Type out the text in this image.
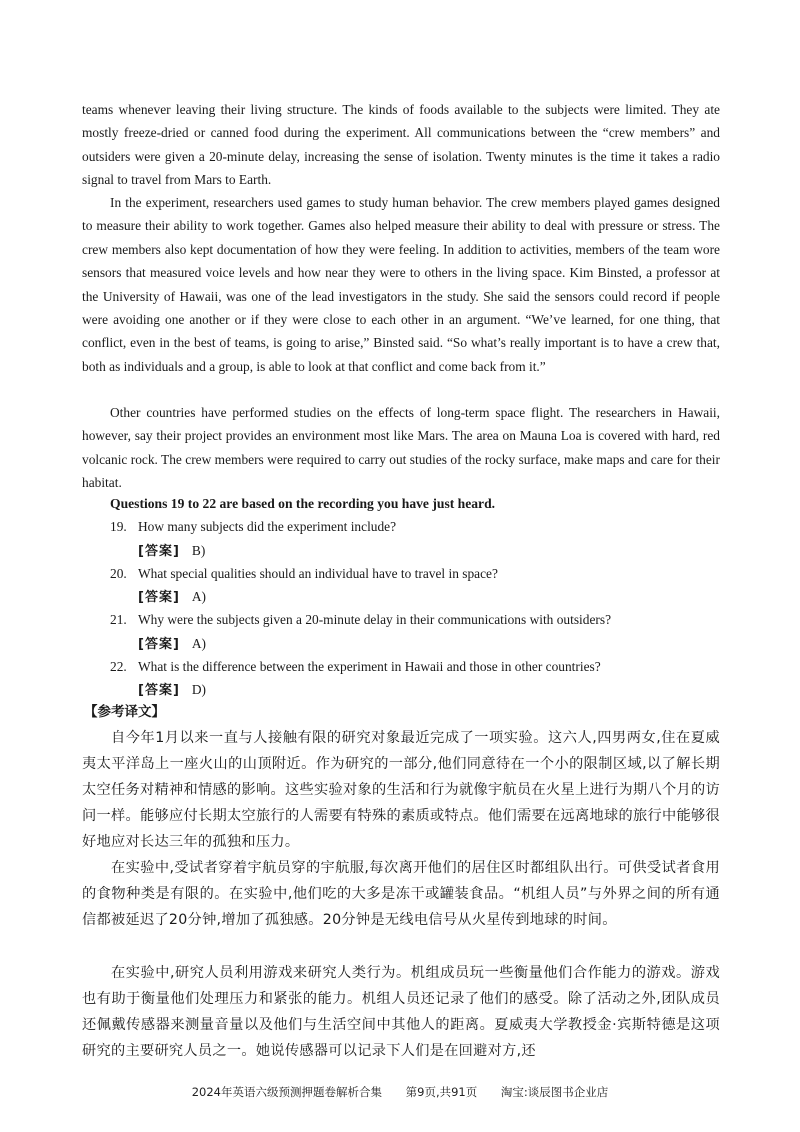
teams whenever leaving their living structure. The kinds of foods available to the subjects were limited. They ate mostly freeze-dried or canned food during the experiment. All communications between the “crew members” and outsiders were given a 20-minute delay, increasing the sense of isolation. Twenty minutes is the time it takes a radio signal to travel from Mars to Earth.

In the experiment, researchers used games to study human behavior. The crew members played games designed to measure their ability to work together. Games also helped measure their ability to deal with pressure or stress. The crew members also kept documentation of how they were feeling. In addition to activities, members of the team wore sensors that measured voice levels and how near they were to others in the living space. Kim Binsted, a professor at the University of Hawaii, was one of the lead investigators in the study. She said the sensors could record if people were avoiding one another or if they were close to each other in an argument. “We’ve learned, for one thing, that conflict, even in the best of teams, is going to arise,” Binsted said. “So what’s really important is to have a crew that, both as individuals and a group, is able to look at that conflict and come back from it.”

Other countries have performed studies on the effects of long-term space flight. The researchers in Hawaii, however, say their project provides an environment most like Mars. The area on Mauna Loa is covered with hard, red volcanic rock. The crew members were required to carry out studies of the rocky surface, make maps and care for their habitat.

Questions 19 to 22 are based on the recording you have just heard.

19. How many subjects did the experiment include?

[答案] B)

20. What special qualities should an individual have to travel in space?

[答案] A)

21. Why were the subjects given a 20-minute delay in their communications with outsiders?

[答案] A)

22. What is the difference between the experiment in Hawaii and those in other countries?

[答案] D)

【参考译文】

自今年1月以来一直与人接触有限的研究对象最近完成了一项实验。这六人,四男两女,住在夏威夷太平洋岛上一座火山的山顶附近。作为研究的一部分,他们同意待在一个小的限制区域,以了解长期太空任务对精神和情感的影响。这些实验对象的生活和行为就像宇航员在火星上进行为期八个月的访问一样。能够应付长期太空旅行的人需要有特殊的素质或特点。他们需要在远离地球的旅行中能够很好地应对长达三年的孤独和压力。

在实验中,受试者穿着宇航员穿的宇航服,每次离开他们的居住区时都组队出行。可供受试者食用的食物种类是有限的。在实验中,他们吃的大多是冻干或罐装食品。“机组人员”与外界之间的所有通信都被延迟了20分钟,增加了孤独感。20分钟是无线电信号从火星传到地球的时间。

在实验中,研究人员利用游戏来研究人类行为。机组成员玩一些衡量他们合作能力的游戏。游戏也有助于衡量他们处理压力和紧张的能力。机组人员还记录了他们的感受。除了活动之外,团队成员还佩戴传感器来测量音量以及他们与生活空间中其他人的距离。夏威夷大学教授金·宾斯特德是这项研究的主要研究人员之一。她说传感器可以记录下人们是在回避对方,还

2024年英语六级预测押题卷解析合集 第9页,共91页 淘宝:谈辰图书企业店
